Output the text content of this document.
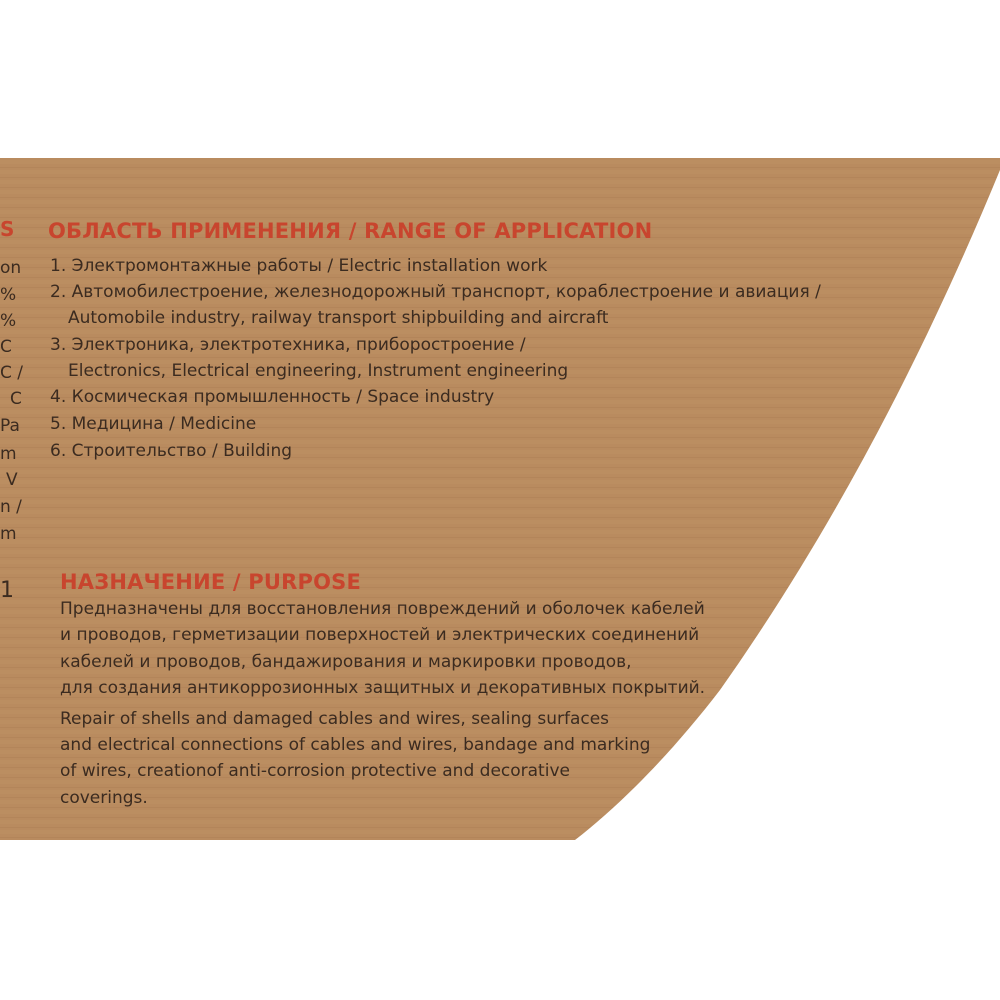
S
on
%
%
C
C /
C
Pa
m
V
n /
m
1
ОБЛАСТЬ ПРИМЕНЕНИЯ / RANGE OF APPLICATION
1. Электромонтажные работы / Electric installation work
2. Автомобилестроение, железнодорожный транспорт, кораблестроение и авиация /
Automobile industry, railway transport shipbuilding and aircraft
3. Электроника, электротехника, приборостроение /
Electronics, Electrical engineering, Instrument engineering
4. Космическая промышленность / Space industry
5. Медицина / Medicine
6. Строительство / Building
НАЗНАЧЕНИЕ / PURPOSE
Предназначены для восстановления повреждений и оболочек кабелей
и проводов, герметизации поверхностей и электрических соединений
кабелей и проводов, бандажирования и маркировки проводов,
для создания антикоррозионных защитных и декоративных покрытий.
Repair of shells and damaged cables and wires, sealing surfaces
and electrical connections of cables and wires, bandage and marking
of wires, creationof anti-corrosion protective and decorative
coverings.
